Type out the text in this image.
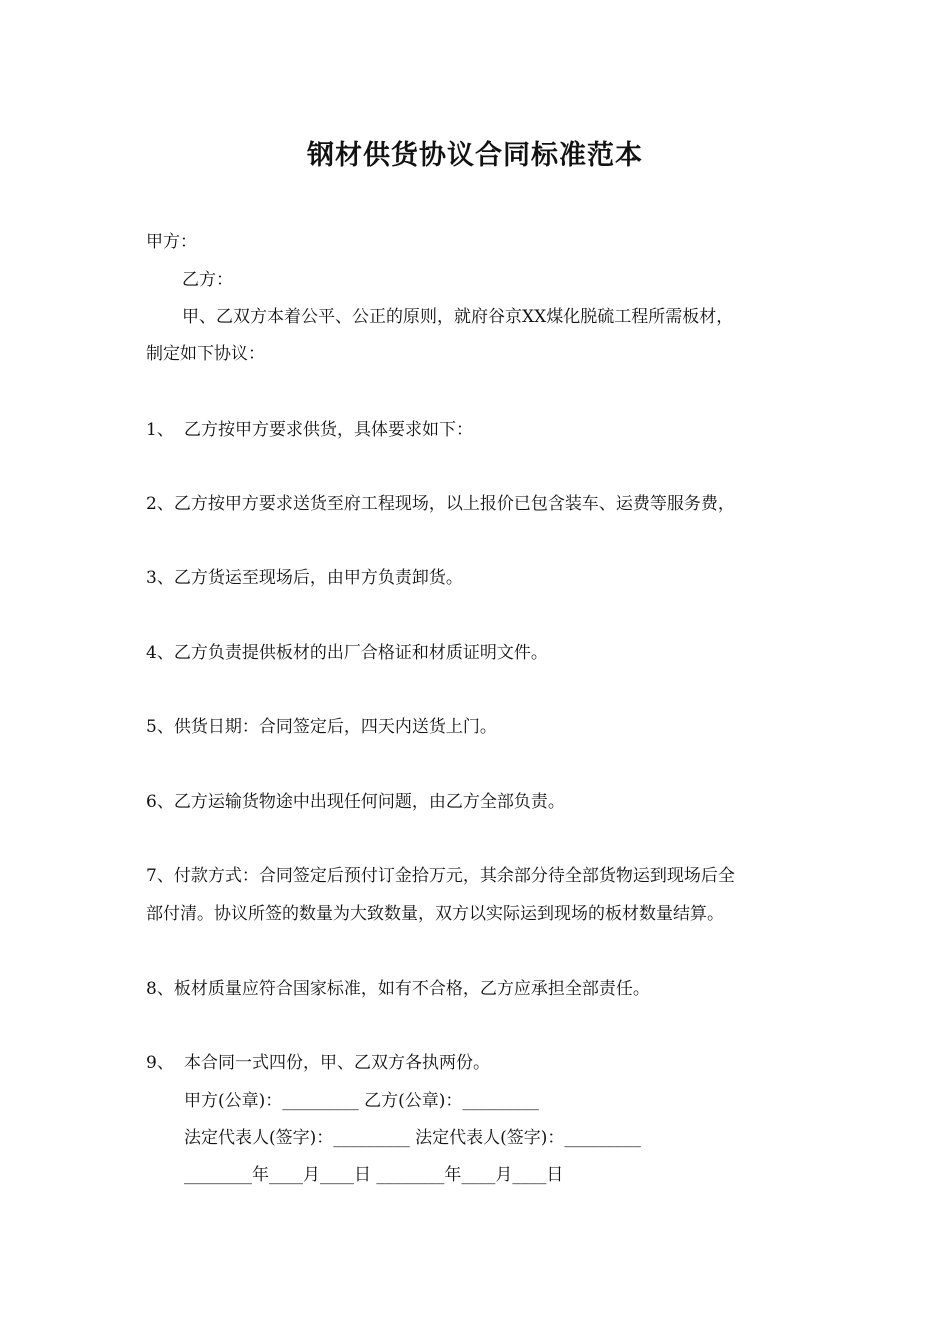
钢材供货协议合同标准范本
甲方：
乙方：
甲、乙双方本着公平、公正的原则，就府谷京XX煤化脱硫工程所需板材，
制定如下协议：
1、 乙方按甲方要求供货，具体要求如下：
2、乙方按甲方要求送货至府工程现场，以上报价已包含装车、运费等服务费，
3、乙方货运至现场后，由甲方负责卸货。
4、乙方负责提供板材的出厂合格证和材质证明文件。
5、供货日期：合同签定后，四天内送货上门。
6、乙方运输货物途中出现任何问题，由乙方全部负责。
7、付款方式：合同签定后预付订金拾万元，其余部分待全部货物运到现场后全
部付清。协议所签的数量为大致数量，双方以实际运到现场的板材数量结算。
8、板材质量应符合国家标准，如有不合格，乙方应承担全部责任。
9、 本合同一式四份，甲、乙双方各执两份。
甲方(公章)：_________ 乙方(公章)：_________
法定代表人(签字)：_________ 法定代表人(签字)：_________
________年____月____日 ________年____月____日
